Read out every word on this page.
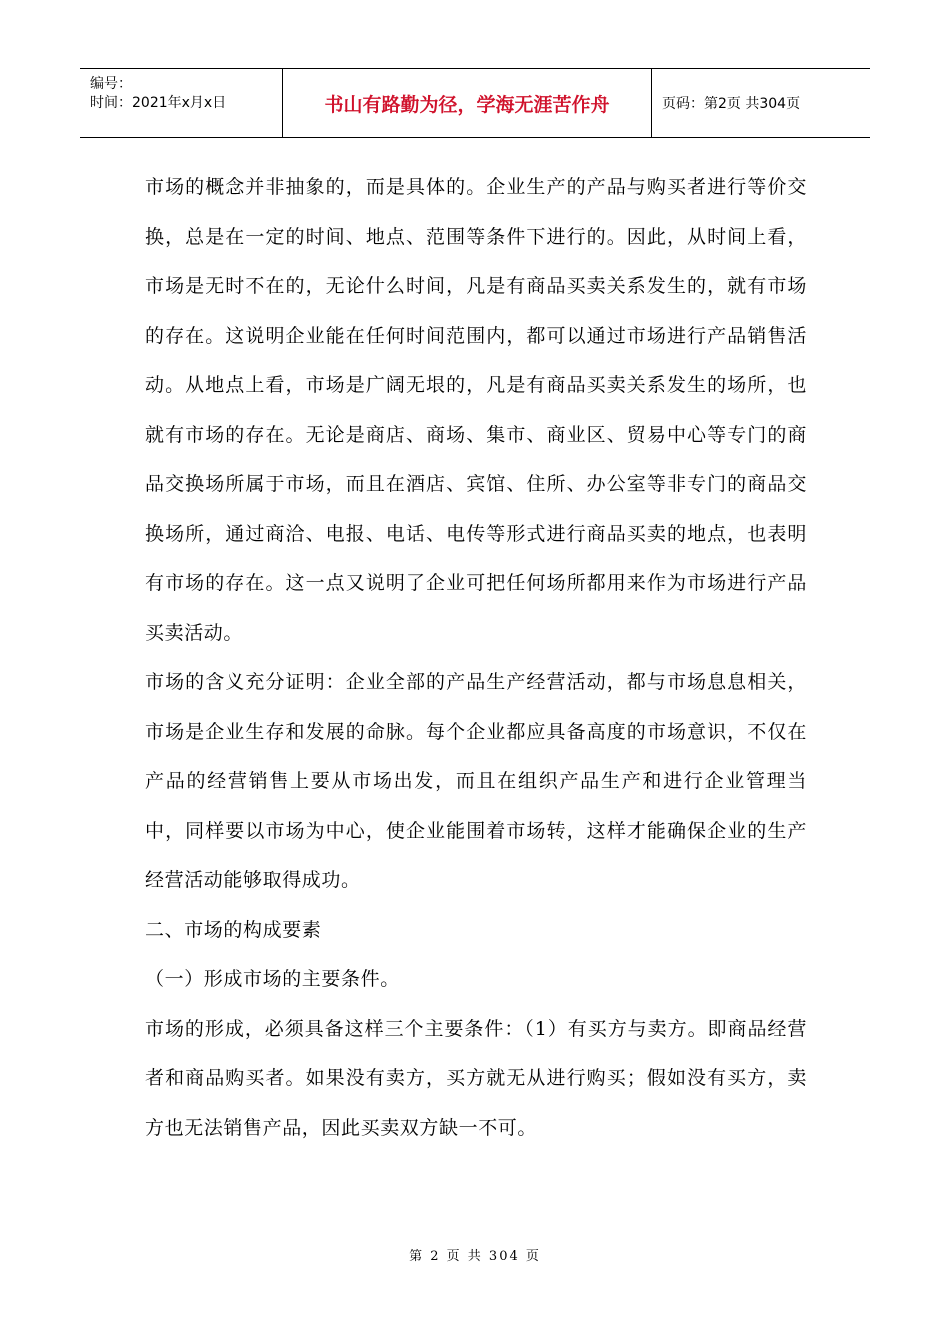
编号：
时间：2021年x月x日	书山有路勤为径，学海无涯苦作舟	页码：第2页 共304页

市场的概念并非抽象的，而是具体的。企业生产的产品与购买者进行等价交换，总是在一定的时间、地点、范围等条件下进行的。因此，从时间上看，市场是无时不在的，无论什么时间，凡是有商品买卖关系发生的，就有市场的存在。这说明企业能在任何时间范围内，都可以通过市场进行产品销售活动。从地点上看，市场是广阔无垠的，凡是有商品买卖关系发生的场所，也就有市场的存在。无论是商店、商场、集市、商业区、贸易中心等专门的商品交换场所属于市场，而且在酒店、宾馆、住所、办公室等非专门的商品交换场所，通过商洽、电报、电话、电传等形式进行商品买卖的地点，也表明有市场的存在。这一点又说明了企业可把任何场所都用来作为市场进行产品买卖活动。

市场的含义充分证明：企业全部的产品生产经营活动，都与市场息息相关，市场是企业生存和发展的命脉。每个企业都应具备高度的市场意识，不仅在产品的经营销售上要从市场出发，而且在组织产品生产和进行企业管理当中，同样要以市场为中心，使企业能围着市场转，这样才能确保企业的生产经营活动能够取得成功。

二、市场的构成要素

（一）形成市场的主要条件。

市场的形成，必须具备这样三个主要条件：（1）有买方与卖方。即商品经营者和商品购买者。如果没有卖方，买方就无从进行购买；假如没有买方，卖方也无法销售产品，因此买卖双方缺一不可。

第 2 页 共 304 页
